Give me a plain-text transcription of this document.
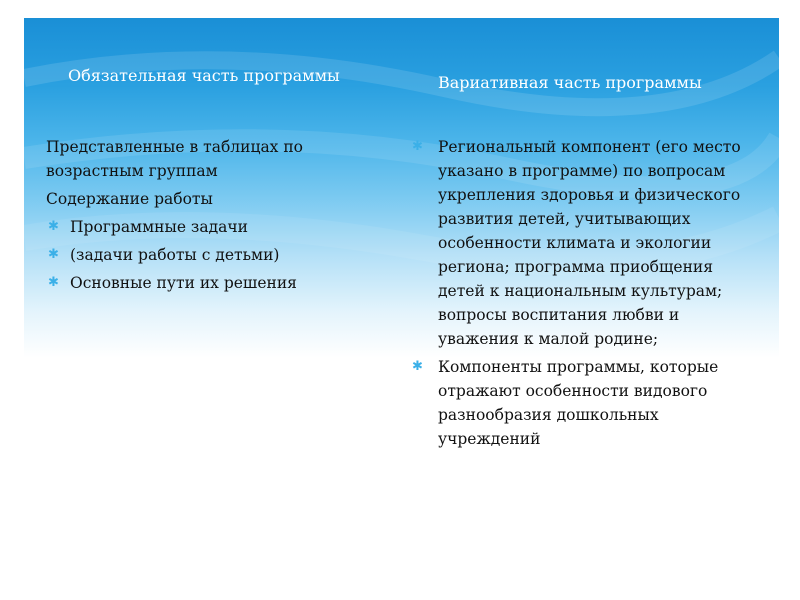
Обязательная часть программы	Вариативная часть программы

Представленные в таблицах по возрастным группам

Содержание работы

✱ Программные задачи
✱ (задачи работы с детьми)
✱ Основные пути их решения
✱ Региональный компонент (его место указано в программе) по вопросам укрепления здоровья и физического развития детей, учитывающих особенности климата и экологии региона; программа приобщения детей к национальным культурам; вопросы воспитания любви и уважения к малой родине;
✱ Компоненты программы, которые отражают особенности видового разнообразия дошкольных учреждений
